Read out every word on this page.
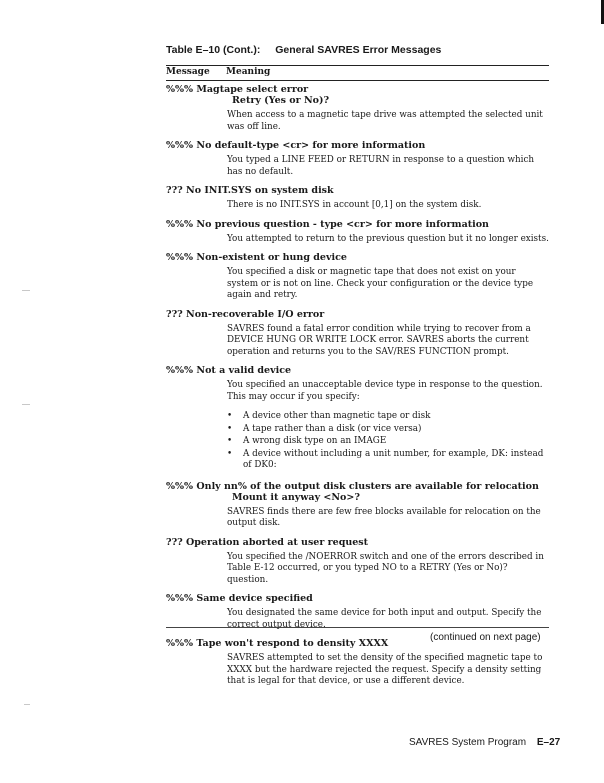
Table E–10 (Cont.): General SAVRES Error Messages
Message Meaning
%%% Magtape select error
Retry (Yes or No)?

When access to a magnetic tape drive was attempted the selected unit was off line.

%%% No default-type <cr> for more information

You typed a LINE FEED or RETURN in response to a question which has no default.

??? No INIT.SYS on system disk

There is no INIT.SYS in account [0,1] on the system disk.

%%% No previous question - type <cr> for more information

You attempted to return to the previous question but it no longer exists.

%%% Non-existent or hung device

You specified a disk or magnetic tape that does not exist on your system or is not on line. Check your configuration or the device type again and retry.

??? Non-recoverable I/O error

SAVRES found a fatal error condition while trying to recover from a DEVICE HUNG OR WRITE LOCK error. SAVRES aborts the current operation and returns you to the SAV/RES FUNCTION prompt.

%%% Not a valid device

You specified an unacceptable device type in response to the question. This may occur if you specify:

• A device other than magnetic tape or disk
• A tape rather than a disk (or vice versa)
• A wrong disk type on an IMAGE
• A device without including a unit number, for example, DK: instead of DK0:
%%% Only nn% of the output disk clusters are available for relocation
Mount it anyway <No>?

SAVRES finds there are few free blocks available for relocation on the output disk.

??? Operation aborted at user request

You specified the /NOERROR switch and one of the errors described in Table E-12 occurred, or you typed NO to a RETRY (Yes or No)? question.

%%% Same device specified

You designated the same device for both input and output. Specify the correct output device.

%%% Tape won't respond to density XXXX

SAVRES attempted to set the density of the specified magnetic tape to XXXX but the hardware rejected the request. Specify a density setting that is legal for that device, or use a different device.

(continued on next page)
SAVRES System Program E–27
